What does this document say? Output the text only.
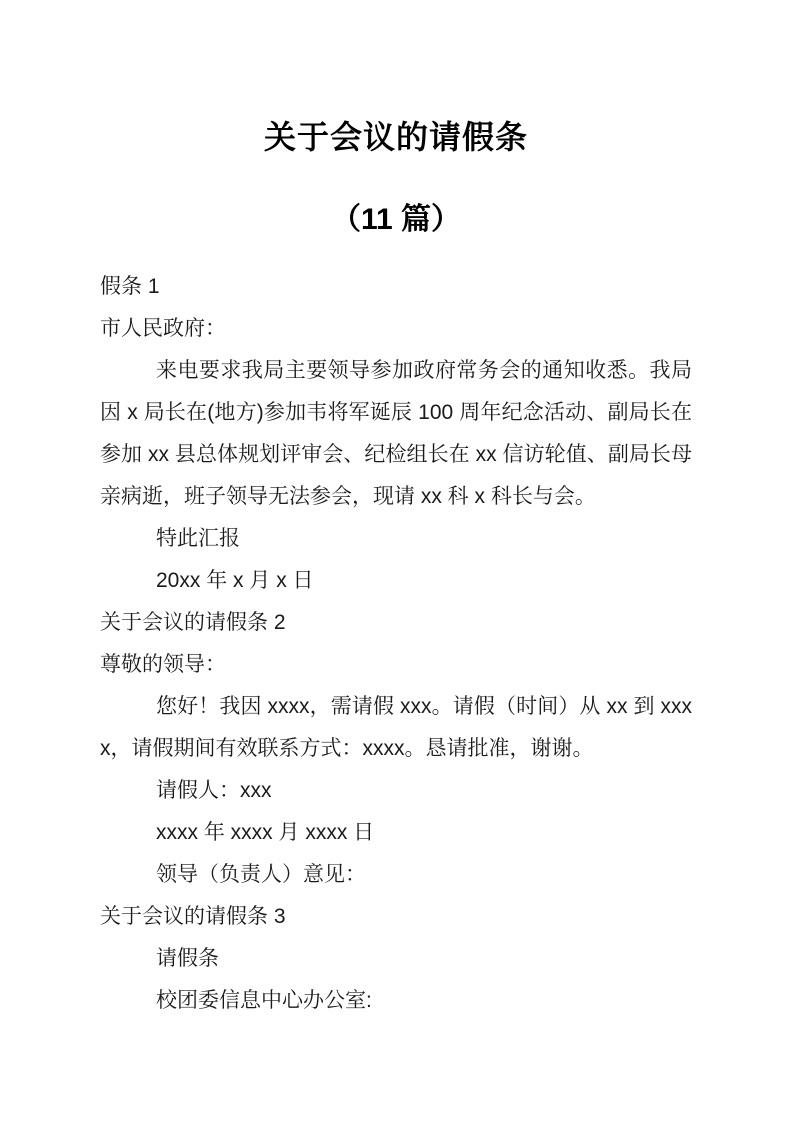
关于会议的请假条
（11 篇）

假条 1

市人民政府：

来电要求我局主要领导参加政府常务会的通知收悉。我局因 x 局长在(地方)参加韦将军诞辰 100 周年纪念活动、副局长在参加 xx 县总体规划评审会、纪检组长在 xx 信访轮值、副局长母亲病逝，班子领导无法参会，现请 xx 科 x 科长与会。

特此汇报

20xx 年 x 月 x 日

关于会议的请假条 2

尊敬的领导：

您好！我因 xxxx，需请假 xxx。请假（时间）从 xx 到 xxxx，请假期间有效联系方式：xxxx。恳请批准，谢谢。

请假人：xxx

xxxx 年 xxxx 月 xxxx 日

领导（负责人）意见：

关于会议的请假条 3

请假条

校团委信息中心办公室:
